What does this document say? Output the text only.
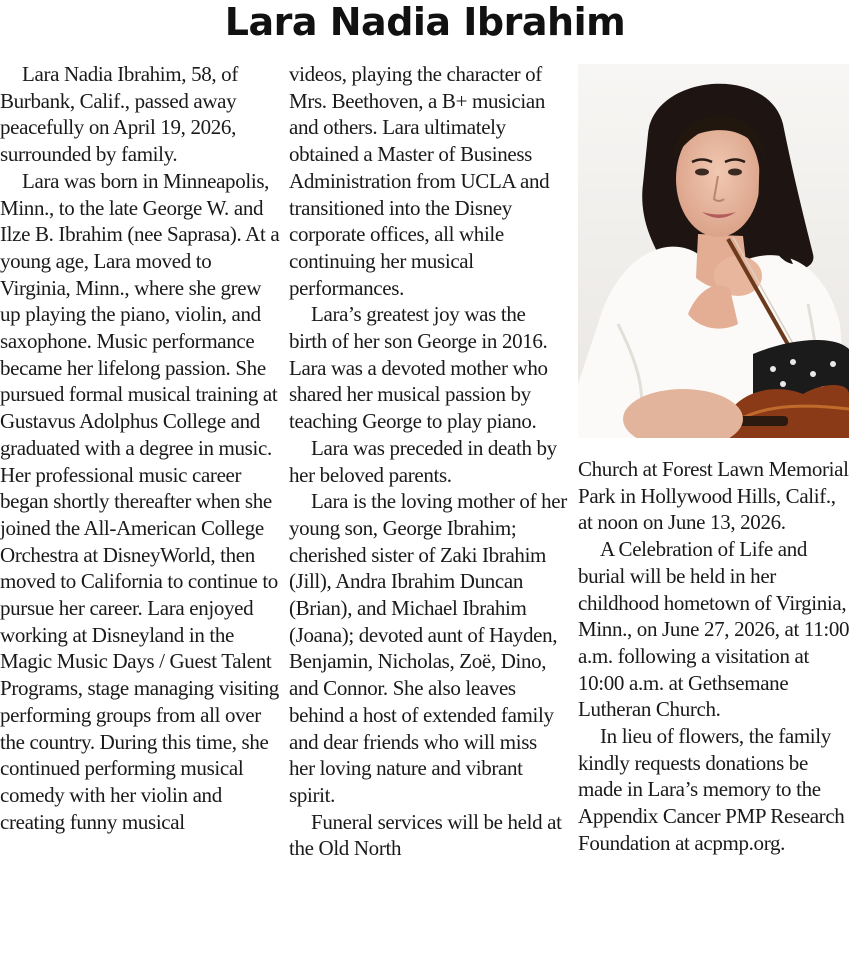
Lara Nadia Ibrahim

Lara Nadia Ibrahim, 58, of Burbank, Calif., passed away peacefully on April 19, 2026, surrounded by family.

Lara was born in Minneapolis, Minn., to the late George W. and Ilze B. Ibrahim (nee Saprasa). At a young age, Lara moved to Virginia, Minn., where she grew up playing the piano, violin, and saxophone. Music performance became her lifelong passion. She pursued formal musical training at Gustavus Adolphus College and graduated with a degree in music. Her professional music career began shortly thereafter when she joined the All-American College Orchestra at DisneyWorld, then moved to California to continue to pursue her career. Lara enjoyed working at Disneyland in the Magic Music Days / Guest Talent Programs, stage managing visiting performing groups from all over the country. During this time, she continued performing musical comedy with her violin and creating funny musical

videos, playing the character of Mrs. Beethoven, a B+ musician and others. Lara ultimately obtained a Master of Business Administration from UCLA and transitioned into the Disney corporate offices, all while continuing her musical performances.

Lara’s greatest joy was the birth of her son George in 2016. Lara was a devoted mother who shared her musical passion by teaching George to play piano.

Lara was preceded in death by her beloved parents.

Lara is the loving mother of her young son, George Ibrahim; cherished sister of Zaki Ibrahim (Jill), Andra Ibrahim Duncan (Brian), and Michael Ibrahim (Joana); devoted aunt of Hayden, Benjamin, Nicholas, Zoë, Dino, and Connor. She also leaves behind a host of extended family and dear friends who will miss her loving nature and vibrant spirit.

Funeral services will be held at the Old North

Church at Forest Lawn Memorial Park in Hollywood Hills, Calif., at noon on June 13, 2026.

A Celebration of Life and burial will be held in her childhood hometown of Virginia, Minn., on June 27, 2026, at 11:00 a.m. following a visitation at 10:00 a.m. at Gethsemane Lutheran Church.

In lieu of flowers, the family kindly requests donations be made in Lara’s memory to the Appendix Cancer PMP Research Foundation at acpmp.org.
